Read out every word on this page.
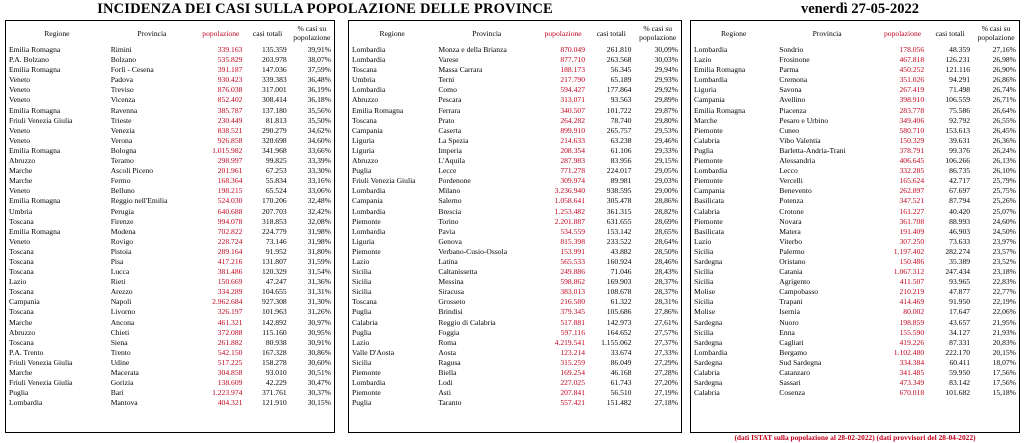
INCIDENZA DEI CASI SULLA POPOLAZIONE DELLE PROVINCE	venerdì 27-05-2022
Regione	Provincia	popolazione	casi totali	% casi su
popolazione
Emilia Romagna	Rimini	339.163	135.359	39,91%
P.A. Bolzano	Bolzano	535.829	203.978	38,07%
Emilia Romagna	Forlì - Cesena	391.187	147.036	37,59%
Veneto	Padova	930.423	339.383	36,48%
Veneto	Treviso	876.038	317.001	36,19%
Veneto	Vicenza	852.402	308.414	36,18%
Emilia Romagna	Ravenna	385.787	137.180	35,56%
Friuli Venezia Giulia	Trieste	230.449	81.813	35,50%
Veneto	Venezia	838.521	290.279	34,62%
Veneto	Verona	926.858	320.698	34,60%
Emilia Romagna	Bologna	1.015.982	341.968	33,66%
Abruzzo	Teramo	298.997	99.825	33,39%
Marche	Ascoli Piceno	201.961	67.253	33,30%
Marche	Fermo	168.364	55.834	33,16%
Veneto	Belluno	198.215	65.524	33,06%
Emilia Romagna	Reggio nell'Emilia	524.030	170.206	32,48%
Umbria	Perugia	640.688	207.703	32,42%
Toscana	Firenze	994.078	318.853	32,08%
Emilia Romagna	Modena	702.822	224.779	31,98%
Veneto	Rovigo	228.724	73.146	31,98%
Toscana	Pistoia	289.164	91.952	31,80%
Toscana	Pisa	417.216	131.807	31,59%
Toscana	Lucca	381.486	120.329	31,54%
Lazio	Rieti	150.669	47.247	31,36%
Toscana	Arezzo	334.289	104.655	31,31%
Campania	Napoli	2.962.684	927.308	31,30%
Toscana	Livorno	326.197	101.963	31,26%
Marche	Ancona	461.321	142.892	30,97%
Abruzzo	Chieti	372.088	115.160	30,95%
Toscana	Siena	261.882	80.938	30,91%
P.A. Trento	Trento	542.150	167.328	30,86%
Friuli Venezia Giulia	Udine	517.225	158.278	30,60%
Marche	Macerata	304.858	93.010	30,51%
Friuli Venezia Giulia	Gorizia	138.609	42.229	30,47%
Puglia	Bari	1.223.974	371.761	30,37%
Lombardia	Mantova	404.321	121.910	30,15%
Regione	Provincia	popolazione	casi totali	% casi su
popolazione
Lombardia	Monza e della Brianza	870.049	261.810	30,09%
Lombardia	Varese	877.710	263.568	30,03%
Toscana	Massa Carrara	188.173	56.345	29,94%
Umbria	Terni	217.790	65.189	29,93%
Lombardia	Como	594.427	177.864	29,92%
Abruzzo	Pescara	313.071	93.563	29,89%
Emilia Romagna	Ferrara	340.507	101.722	29,87%
Toscana	Prato	264.282	78.740	29,80%
Campania	Caserta	899.910	265.757	29,53%
Liguria	La Spezia	214.633	63.238	29,46%
Liguria	Imperia	208.354	61.106	29,33%
Abruzzo	L'Aquila	287.983	83.956	29,15%
Puglia	Lecce	771.278	224.017	29,05%
Friuli Venezia Giulia	Pordenone	309.974	89.981	29,03%
Lombardia	Milano	3.236.940	938.595	29,00%
Campania	Salerno	1.058.641	305.478	28,86%
Lombardia	Brescia	1.253.482	361.315	28,82%
Piemonte	Torino	2.201.887	631.655	28,69%
Lombardia	Pavia	534.559	153.142	28,65%
Liguria	Genova	815.398	233.522	28,64%
Piemonte	Verbano-Cusio-Ossola	153.991	43.882	28,50%
Lazio	Latina	565.533	160.924	28,46%
Sicilia	Caltanissetta	249.886	71.046	28,43%
Sicilia	Messina	598.862	169.903	28,37%
Sicilia	Siracusa	383.013	108.678	28,37%
Toscana	Grosseto	216.580	61.322	28,31%
Puglia	Brindisi	379.345	105.686	27,86%
Calabria	Reggio di Calabria	517.881	142.973	27,61%
Puglia	Foggia	597.116	164.652	27,57%
Lazio	Roma	4.219.541	1.155.062	27,37%
Valle D'Aosta	Aosta	123.214	33.674	27,33%
Sicilia	Ragusa	315.259	86.049	27,29%
Piemonte	Biella	169.254	46.168	27,28%
Lombardia	Lodi	227.025	61.743	27,20%
Piemonte	Asti	207.841	56.510	27,19%
Puglia	Taranto	557.421	151.482	27,18%
Regione	Provincia	popolazione	casi totali	% casi su
popolazione
Lombardia	Sondrio	178.056	48.359	27,16%
Lazio	Frosinone	467.818	126.231	26,98%
Emilia Romagna	Parma	450.252	121.116	26,90%
Lombardia	Cremona	351.026	94.291	26,86%
Liguria	Savona	267.419	71.498	26,74%
Campania	Avellino	398.910	106.559	26,71%
Emilia Romagna	Piacenza	283.778	75.586	26,64%
Marche	Pesaro e Urbino	349.406	92.792	26,55%
Piemonte	Cuneo	580.710	153.613	26,45%
Calabria	Vibo Valentia	150.329	39.631	26,36%
Puglia	Barletta-Andria-Trani	378.791	99.376	26,24%
Piemonte	Alessandria	406.645	106.266	26,13%
Lombardia	Lecco	332.285	86.735	26,10%
Piemonte	Vercelli	165.624	42.717	25,79%
Campania	Benevento	262.897	67.697	25,75%
Basilicata	Potenza	347.521	87.794	25,26%
Calabria	Crotone	161.227	40.420	25,07%
Piemonte	Novara	361.708	88.993	24,60%
Basilicata	Matera	191.409	46.903	24,50%
Lazio	Viterbo	307.250	73.633	23,97%
Sicilia	Palermo	1.197.402	282.274	23,57%
Sardegna	Oristano	150.486	35.389	23,52%
Sicilia	Catania	1.067.312	247.434	23,18%
Sicilia	Agrigento	411.507	93.965	22,83%
Molise	Campobasso	210.219	47.877	22,77%
Sicilia	Trapani	414.469	91.950	22,19%
Molise	Isernia	80.002	17.647	22,06%
Sardegna	Nuoro	198.859	43.657	21,95%
Sicilia	Enna	155.590	34.127	21,93%
Sardegna	Cagliari	419.226	87.331	20,83%
Lombardia	Bergamo	1.102.480	222.170	20,15%
Sardegna	Sud Sardegna	334.384	60.411	18,07%
Calabria	Catanzaro	341.485	59.950	17,56%
Sardegna	Sassari	473.349	83.142	17,56%
Calabria	Cosenza	670.018	101.682	15,18%
(dati ISTAT sulla popolazione al 28-02-2022) (dati provvisori del 28-04-2022)
